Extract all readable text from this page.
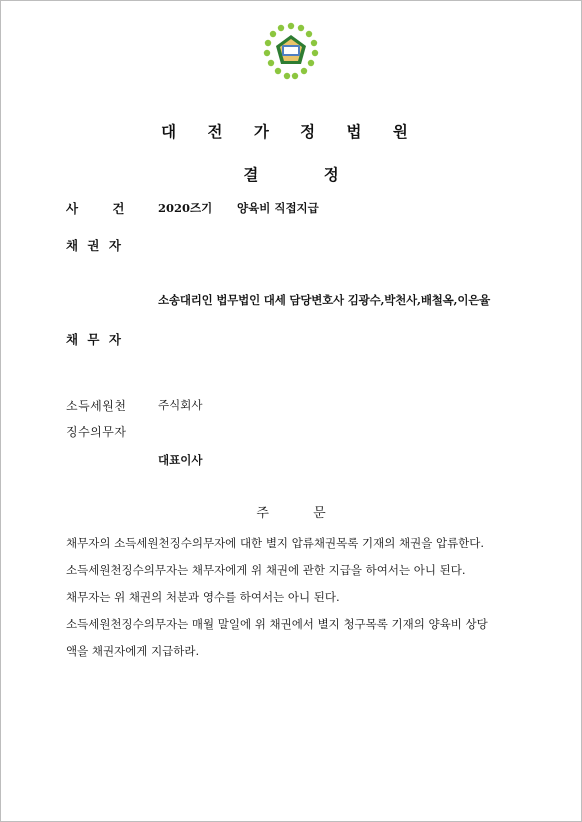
대 전 가 정 법 원
결 정
사 건	2020즈기 양육비 직접지급
채 권 자
소송대리인 법무법인 대세 담당변호사 김광수,박천사,배철옥,이은율
채 무 자
소득세원천
징수의무자
주식회사
대표이사
주 문
채무자의 소득세원천징수의무자에 대한 별지 압류채권목록 기재의 채권을 압류한다.
소득세원천징수의무자는 채무자에게 위 채권에 관한 지급을 하여서는 아니 된다.
채무자는 위 채권의 처분과 영수를 하여서는 아니 된다.
소득세원천징수의무자는 매월 말일에 위 채권에서 별지 청구목록 기재의 양육비 상당
액을 채권자에게 지급하라.
